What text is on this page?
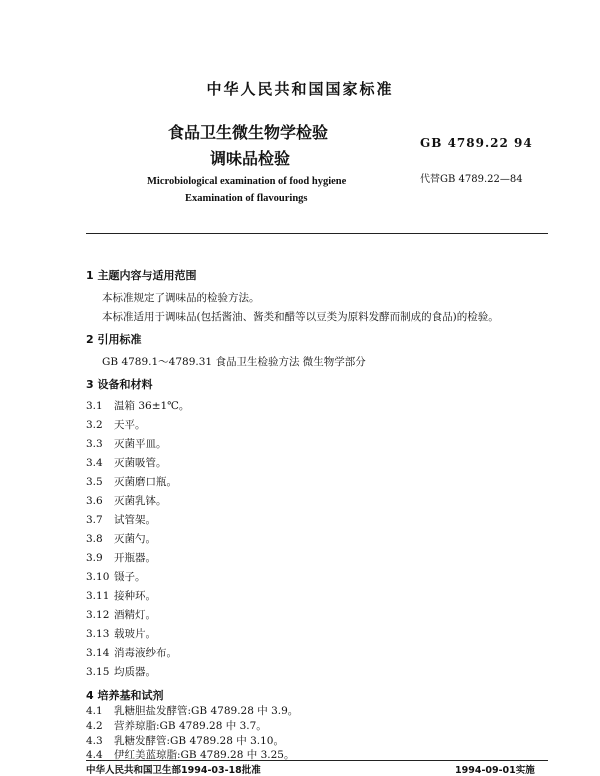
中华人民共和国国家标准
食品卫生微生物学检验
调味品检验
GB 4789.22 94
代替GB 4789.22—84
Microbiological examination of food hygiene
Examination of flavourings
1 主题内容与适用范围
本标准规定了调味品的检验方法。
本标准适用于调味品(包括酱油、酱类和醋等以豆类为原料发酵而制成的食品)的检验。
2 引用标准
GB 4789.1～4789.31 食品卫生检验方法 微生物学部分
3 设备和材料
3.1 温箱 36±1℃。
3.2 天平。
3.3 灭菌平皿。
3.4 灭菌吸管。
3.5 灭菌磨口瓶。
3.6 灭菌乳钵。
3.7 试管架。
3.8 灭菌勺。
3.9 开瓶器。
3.10 镊子。
3.11 接种环。
3.12 酒精灯。
3.13 载玻片。
3.14 消毒液纱布。
3.15 均质器。
4 培养基和试剂
4.1 乳糖胆盐发酵管:GB 4789.28 中 3.9。
4.2 营养琼脂:GB 4789.28 中 3.7。
4.3 乳糖发酵管:GB 4789.28 中 3.10。
4.4 伊红美蓝琼脂:GB 4789.28 中 3.25。
中华人民共和国卫生部1994-03-18批准	1994-09-01实施
